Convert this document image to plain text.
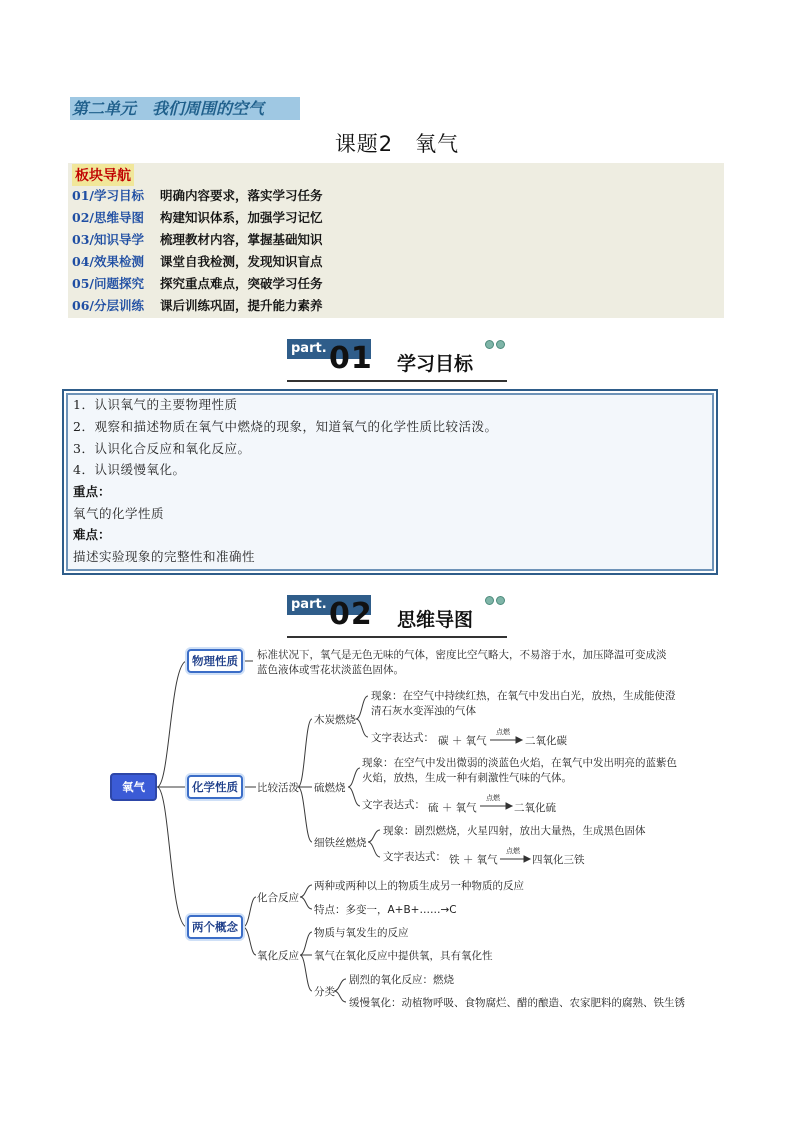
第二单元　我们周围的空气
课题2　氧气
板块导航
01/学习目标 明确内容要求，落实学习任务
02/思维导图 构建知识体系，加强学习记忆
03/知识导学 梳理教材内容，掌握基础知识
04/效果检测 课堂自我检测，发现知识盲点
05/问题探究 探究重点难点，突破学习任务
06/分层训练 课后训练巩固，提升能力素养
part. 01 学习目标
1．认识氧气的主要物理性质
2．观察和描述物质在氧气中燃烧的现象，知道氧气的化学性质比较活泼。
3．认识化合反应和氧化反应。
4．认识缓慢氧化。
重点：
氧气的化学性质
难点：
描述实验现象的完整性和准确性
part. 02 思维导图
氧气
物理性质
化学性质
两个概念
标准状况下，氧气是无色无味的气体，密度比空气略大，不易溶于水，加压降温可变成淡
蓝色液体或雪花状淡蓝色固体。
比较活泼
木炭燃烧
现象：在空气中持续红热，在氧气中发出白光，放热，生成能使澄
清石灰水变浑浊的气体
文字表达式： 碳 ＋ 氧气
点燃
二氧化碳
硫燃烧
现象：在空气中发出微弱的淡蓝色火焰，在氧气中发出明亮的蓝紫色
火焰，放热，生成一种有刺激性气味的气体。
文字表达式： 硫 ＋ 氧气
点燃
二氧化硫
细铁丝燃烧
现象：剧烈燃烧，火星四射，放出大量热，生成黑色固体
文字表达式： 铁 ＋ 氧气
点燃
四氧化三铁
化合反应
两种或两种以上的物质生成另一种物质的反应
特点：多变一，A+B+……→C
氧化反应
物质与氧发生的反应
氧气在氧化反应中提供氧，具有氧化性
分类
剧烈的氧化反应：燃烧
缓慢氧化：动植物呼吸、食物腐烂、醋的酿造、农家肥料的腐熟、铁生锈
